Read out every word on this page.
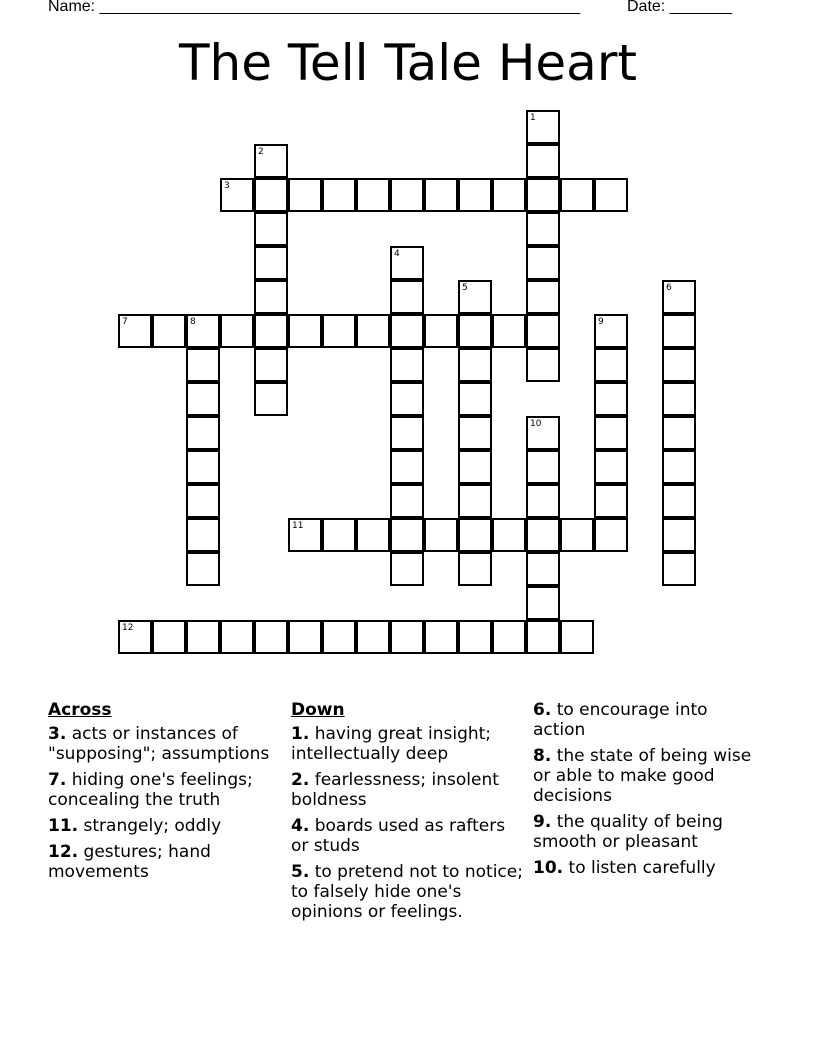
Name: ______________________________________________________	Date: _______
The Tell Tale Heart
3
7	8
11
12
1
2
4
5	6
9
10
Across
3. acts or instances of "supposing"; assumptions
7. hiding one's feelings; concealing the truth
11. strangely; oddly
12. gestures; hand movements
Down
1. having great insight; intellectually deep
2. fearlessness; insolent boldness
4. boards used as rafters or studs
5. to pretend not to notice; to falsely hide one's opinions or feelings.
6. to encourage into action
8. the state of being wise or able to make good decisions
9. the quality of being smooth or pleasant
10. to listen carefully
